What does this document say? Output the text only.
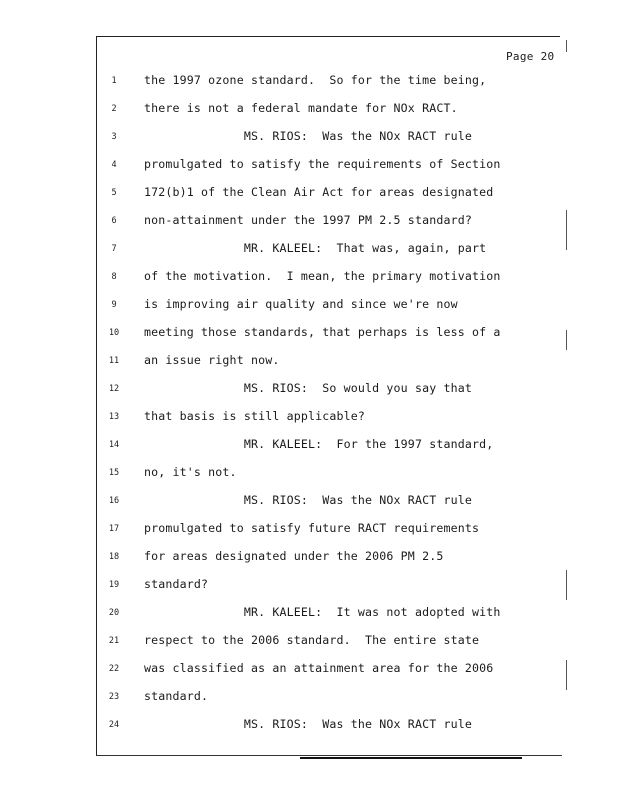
Page 20
1	the 1997 ozone standard.  So for the time being,
2	there is not a federal mandate for NOx RACT.
3	MS. RIOS:  Was the NOx RACT rule
4	promulgated to satisfy the requirements of Section
5	172(b)1 of the Clean Air Act for areas designated
6	non-attainment under the 1997 PM 2.5 standard?
7	MR. KALEEL:  That was, again, part
8	of the motivation.  I mean, the primary motivation
9	is improving air quality and since we're now
10	meeting those standards, that perhaps is less of a
11	an issue right now.
12	MS. RIOS:  So would you say that
13	that basis is still applicable?
14	MR. KALEEL:  For the 1997 standard,
15	no, it's not.
16	MS. RIOS:  Was the NOx RACT rule
17	promulgated to satisfy future RACT requirements
18	for areas designated under the 2006 PM 2.5
19	standard?
20	MR. KALEEL:  It was not adopted with
21	respect to the 2006 standard.  The entire state
22	was classified as an attainment area for the 2006
23	standard.
24	MS. RIOS:  Was the NOx RACT rule
